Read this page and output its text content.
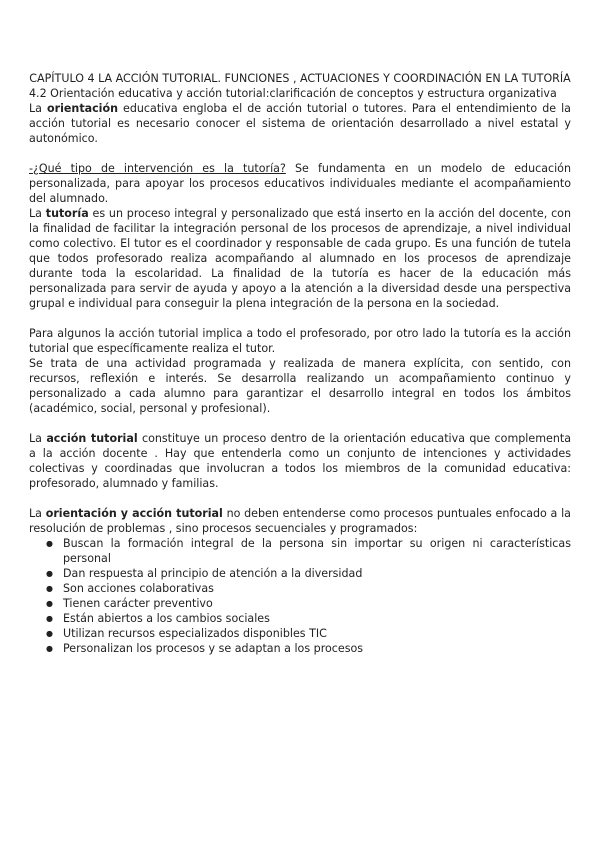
CAPÍTULO 4 LA ACCIÓN TUTORIAL. FUNCIONES , ACTUACIONES Y COORDINACIÓN EN LA TUTORÍA

4.2 Orientación educativa y acción tutorial:clarificación de conceptos y estructura organizativa

La orientación educativa engloba el de acción tutorial o tutores. Para el entendimiento de la acción tutorial es necesario conocer el sistema de orientación desarrollado a nivel estatal y autonómico.

-¿Qué tipo de intervención es la tutoría? Se fundamenta en un modelo de educación personalizada, para apoyar los procesos educativos individuales mediante el acompañamiento del alumnado.

La tutoría es un proceso integral y personalizado que está inserto en la acción del docente, con la finalidad de facilitar la integración personal de los procesos de aprendizaje, a nivel individual como colectivo. El tutor es el coordinador y responsable de cada grupo. Es una función de tutela que todos profesorado realiza acompañando al alumnado en los procesos de aprendizaje durante toda la escolaridad. La finalidad de la tutoría es hacer de la educación más personalizada para servir de ayuda y apoyo a la atención a la diversidad desde una perspectiva grupal e individual para conseguir la plena integración de la persona en la sociedad.

Para algunos la acción tutorial implica a todo el profesorado, por otro lado la tutoría es la acción tutorial que específicamente realiza el tutor.

Se trata de una actividad programada y realizada de manera explícita, con sentido, con recursos, reflexión e interés. Se desarrolla realizando un acompañamiento continuo y personalizado a cada alumno para garantizar el desarrollo integral en todos los ámbitos (académico, social, personal y profesional).

La acción tutorial constituye un proceso dentro de la orientación educativa que complementa a la acción docente . Hay que entenderla como un conjunto de intenciones y actividades colectivas y coordinadas que involucran a todos los miembros de la comunidad educativa: profesorado, alumnado y familias.

La orientación y acción tutorial no deben entenderse como procesos puntuales enfocado a la resolución de problemas , sino procesos secuenciales y programados:

● Buscan la formación integral de la persona sin importar su origen ni características personal
● Dan respuesta al principio de atención a la diversidad
● Son acciones colaborativas
● Tienen carácter preventivo
● Están abiertos a los cambios sociales
● Utilizan recursos especializados disponibles TIC
● Personalizan los procesos y se adaptan a los procesos
